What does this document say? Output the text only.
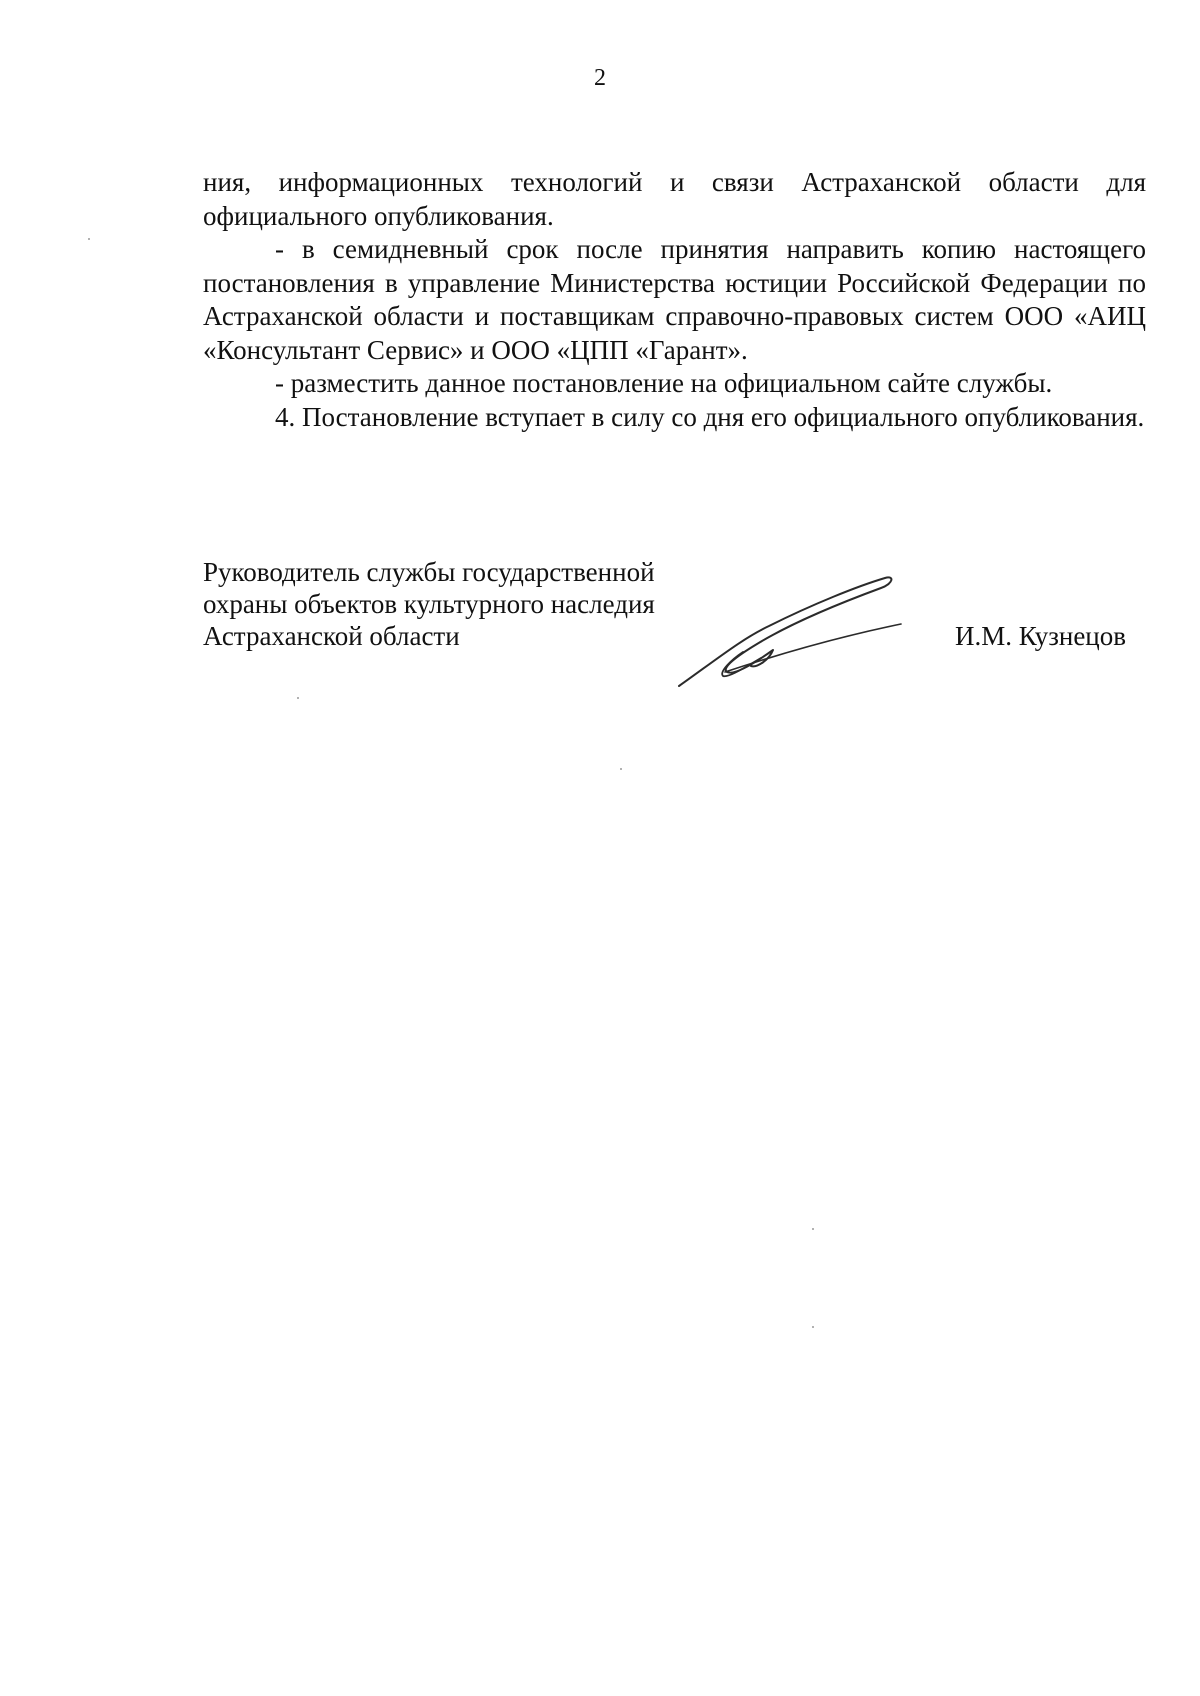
2

ния, информационных технологий и связи Астраханской области для официального опубликования.

- в семидневный срок после принятия направить копию настоящего постановления в управление Министерства юстиции Российской Федерации по Астраханской области и поставщикам справочно-правовых систем ООО «АИЦ «Консультант Сервис» и ООО «ЦПП «Гарант».

- разместить данное постановление на официальном сайте службы.

4. Постановление вступает в силу со дня его официального опубликования.

Руководитель службы государственной
охраны объектов культурного наследия
Астраханской области	И.М. Кузнецов
